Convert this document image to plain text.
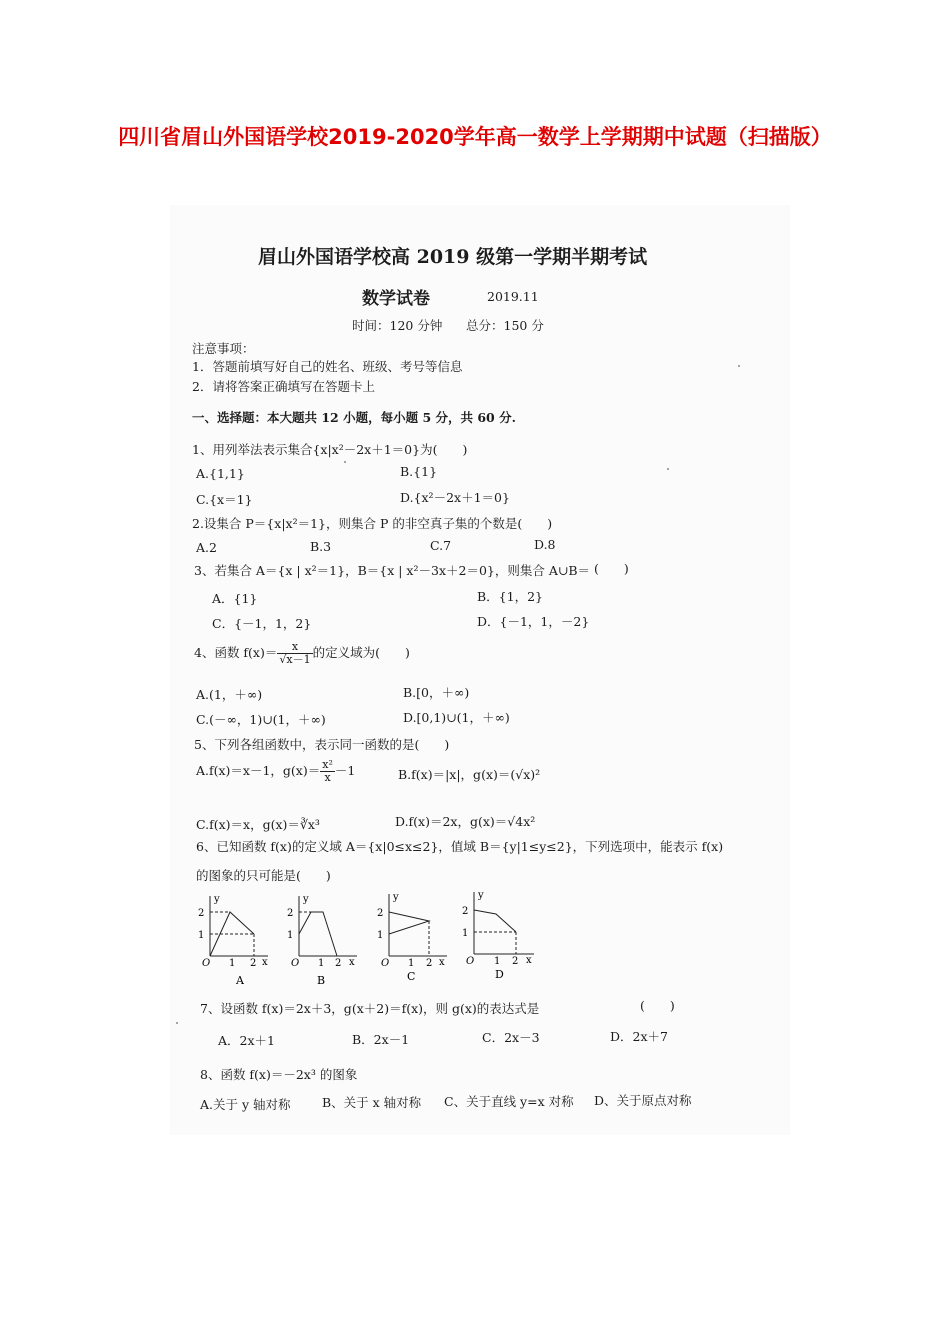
四川省眉山外国语学校2019-2020学年高一数学上学期期中试题（扫描版）
眉山外国语学校高 2019 级第一学期半期考试
数学试卷	2019.11
时间：120 分钟 总分：150 分
注意事项：
1．答题前填写好自己的姓名、班级、考号等信息
2．请将答案正确填写在答题卡上
一、选择题：本大题共 12 小题，每小题 5 分，共 60 分.
1、用列举法表示集合{x|x²－2x＋1＝0}为(　　)
A.{1,1}	B.{1}
C.{x＝1}	D.{x²－2x＋1＝0}
2.设集合 P＝{x|x²＝1}，则集合 P 的非空真子集的个数是(　　)
A.2	B.3	C.7	D.8
3、若集合 A＝{x | x²＝1}，B＝{x | x²－3x＋2＝0}，则集合 A∪B＝ (　　)
A．{1}	B．{1，2}
C．{－1，1，2}	D．{－1，1，－2}
4、函数 $f(x)= \frac{x}{√x-1}$ 的定义域为(　　)
A.(1，＋∞)	B.[0，＋∞)
C.(－∞，1)∪(1，＋∞)	D.[0,1)∪(1，＋∞)
5、下列各组函数中，表示同一函数的是(　　)
A.f(x)＝x－1，$g(x)= \frac{\text{x²}}{x} -1$	B.f(x)＝|x|，g(x)＝(√x)²
C.f(x)＝x，g(x)＝∛x³	D.f(x)＝2x，g(x)＝√4x²
6、已知函数 f(x)的定义域 A＝{x|0≤x≤2}，值域 B＝{y|1≤y≤2}，下列选项中，能表示 f(x)
的图象的只可能是(　　)
2
1
y
O 1 2 x
A
2
1
y
O 1 2 x
B
2
1
y
O 1 2 x
C
2
1
y
O 1 2 x
D
7、设函数 f(x)＝2x＋3，g(x＋2)＝f(x)，则 g(x)的表达式是	(　　)
A．2x＋1	B．2x－1	C．2x－3	D．2x＋7
8、函数 f(x)＝－2x³ 的图象
A.关于 y 轴对称	B、关于 x 轴对称 C、关于直线 y=x 对称 D、关于原点对称
